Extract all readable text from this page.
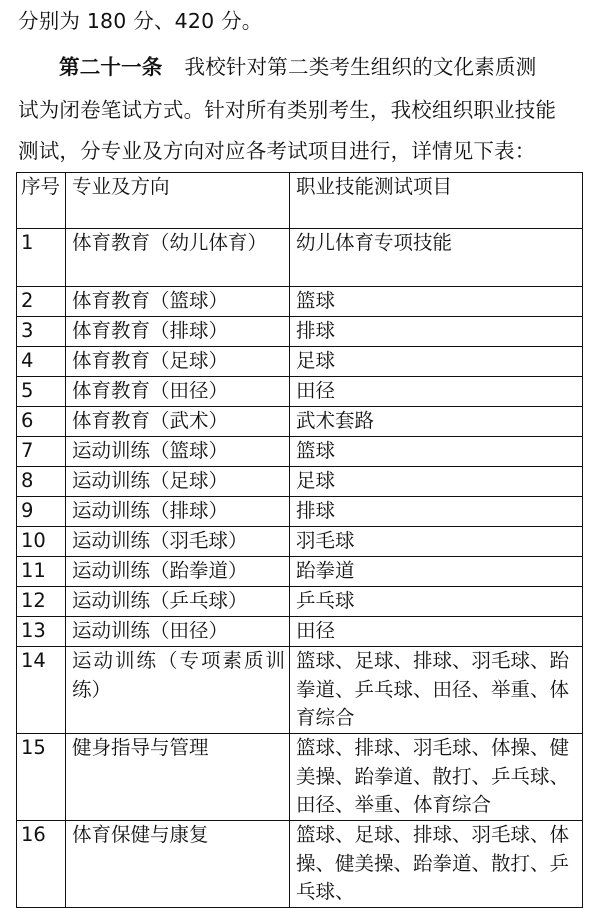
分别为 180 分、420 分。
第二十一条 我校针对第二类考生组织的文化素质测
试为闭卷笔试方式。针对所有类别考生，我校组织职业技能
测试，分专业及方向对应各考试项目进行，详情见下表：
序号	专业及方向	职业技能测试项目
1	体育教育（幼儿体育）	幼儿体育专项技能
2	体育教育（篮球）	篮球
3	体育教育（排球）	排球
4	体育教育（足球）	足球
5	体育教育（田径）	田径
6	体育教育（武术）	武术套路
7	运动训练（篮球）	篮球
8	运动训练（足球）	足球
9	运动训练（排球）	排球
10	运动训练（羽毛球）	羽毛球
11	运动训练（跆拳道）	跆拳道
12	运动训练（乒乓球）	乒乓球
13	运动训练（田径）	田径
14	运动训练（专项素质训练）	篮球、足球、排球、羽毛球、跆拳道、乒乓球、田径、举重、体育综合
15	健身指导与管理	篮球、排球、羽毛球、体操、健美操、跆拳道、散打、乒乓球、田径、举重、体育综合
16	体育保健与康复	篮球、足球、排球、羽毛球、体操、健美操、跆拳道、散打、乒乓球、
